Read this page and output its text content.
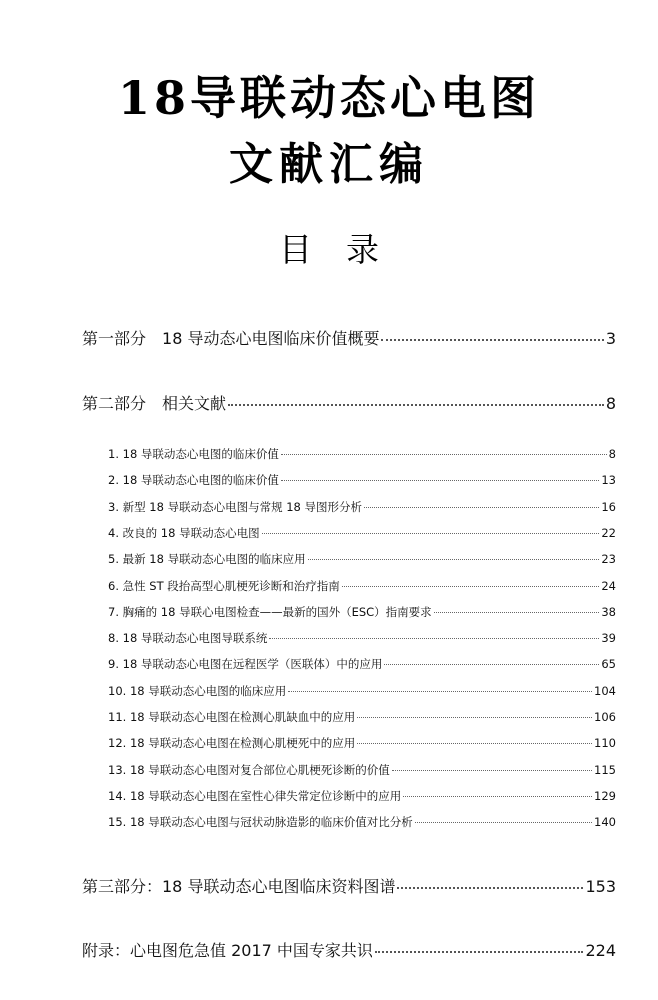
18导联动态心电图
文献汇编
目录
第一部分 18 导动态心电图临床价值概要	3
第二部分 相关文献	8
1. 18 导联动态心电图的临床价值	8
2. 18 导联动态心电图的临床价值	13
3. 新型 18 导联动态心电图与常规 18 导图形分析	16
4. 改良的 18 导联动态心电图	22
5. 最新 18 导联动态心电图的临床应用	23
6. 急性 ST 段抬高型心肌梗死诊断和治疗指南	24
7. 胸痛的 18 导联心电图检查——最新的国外（ESC）指南要求	38
8. 18 导联动态心电图导联系统	39
9. 18 导联动态心电图在远程医学（医联体）中的应用	65
10. 18 导联动态心电图的临床应用	104
11. 18 导联动态心电图在检测心肌缺血中的应用	106
12. 18 导联动态心电图在检测心肌梗死中的应用	110
13. 18 导联动态心电图对复合部位心肌梗死诊断的价值	115
14. 18 导联动态心电图在室性心律失常定位诊断中的应用	129
15. 18 导联动态心电图与冠状动脉造影的临床价值对比分析	140
第三部分：18 导联动态心电图临床资料图谱	153
附录：心电图危急值 2017 中国专家共识	224
